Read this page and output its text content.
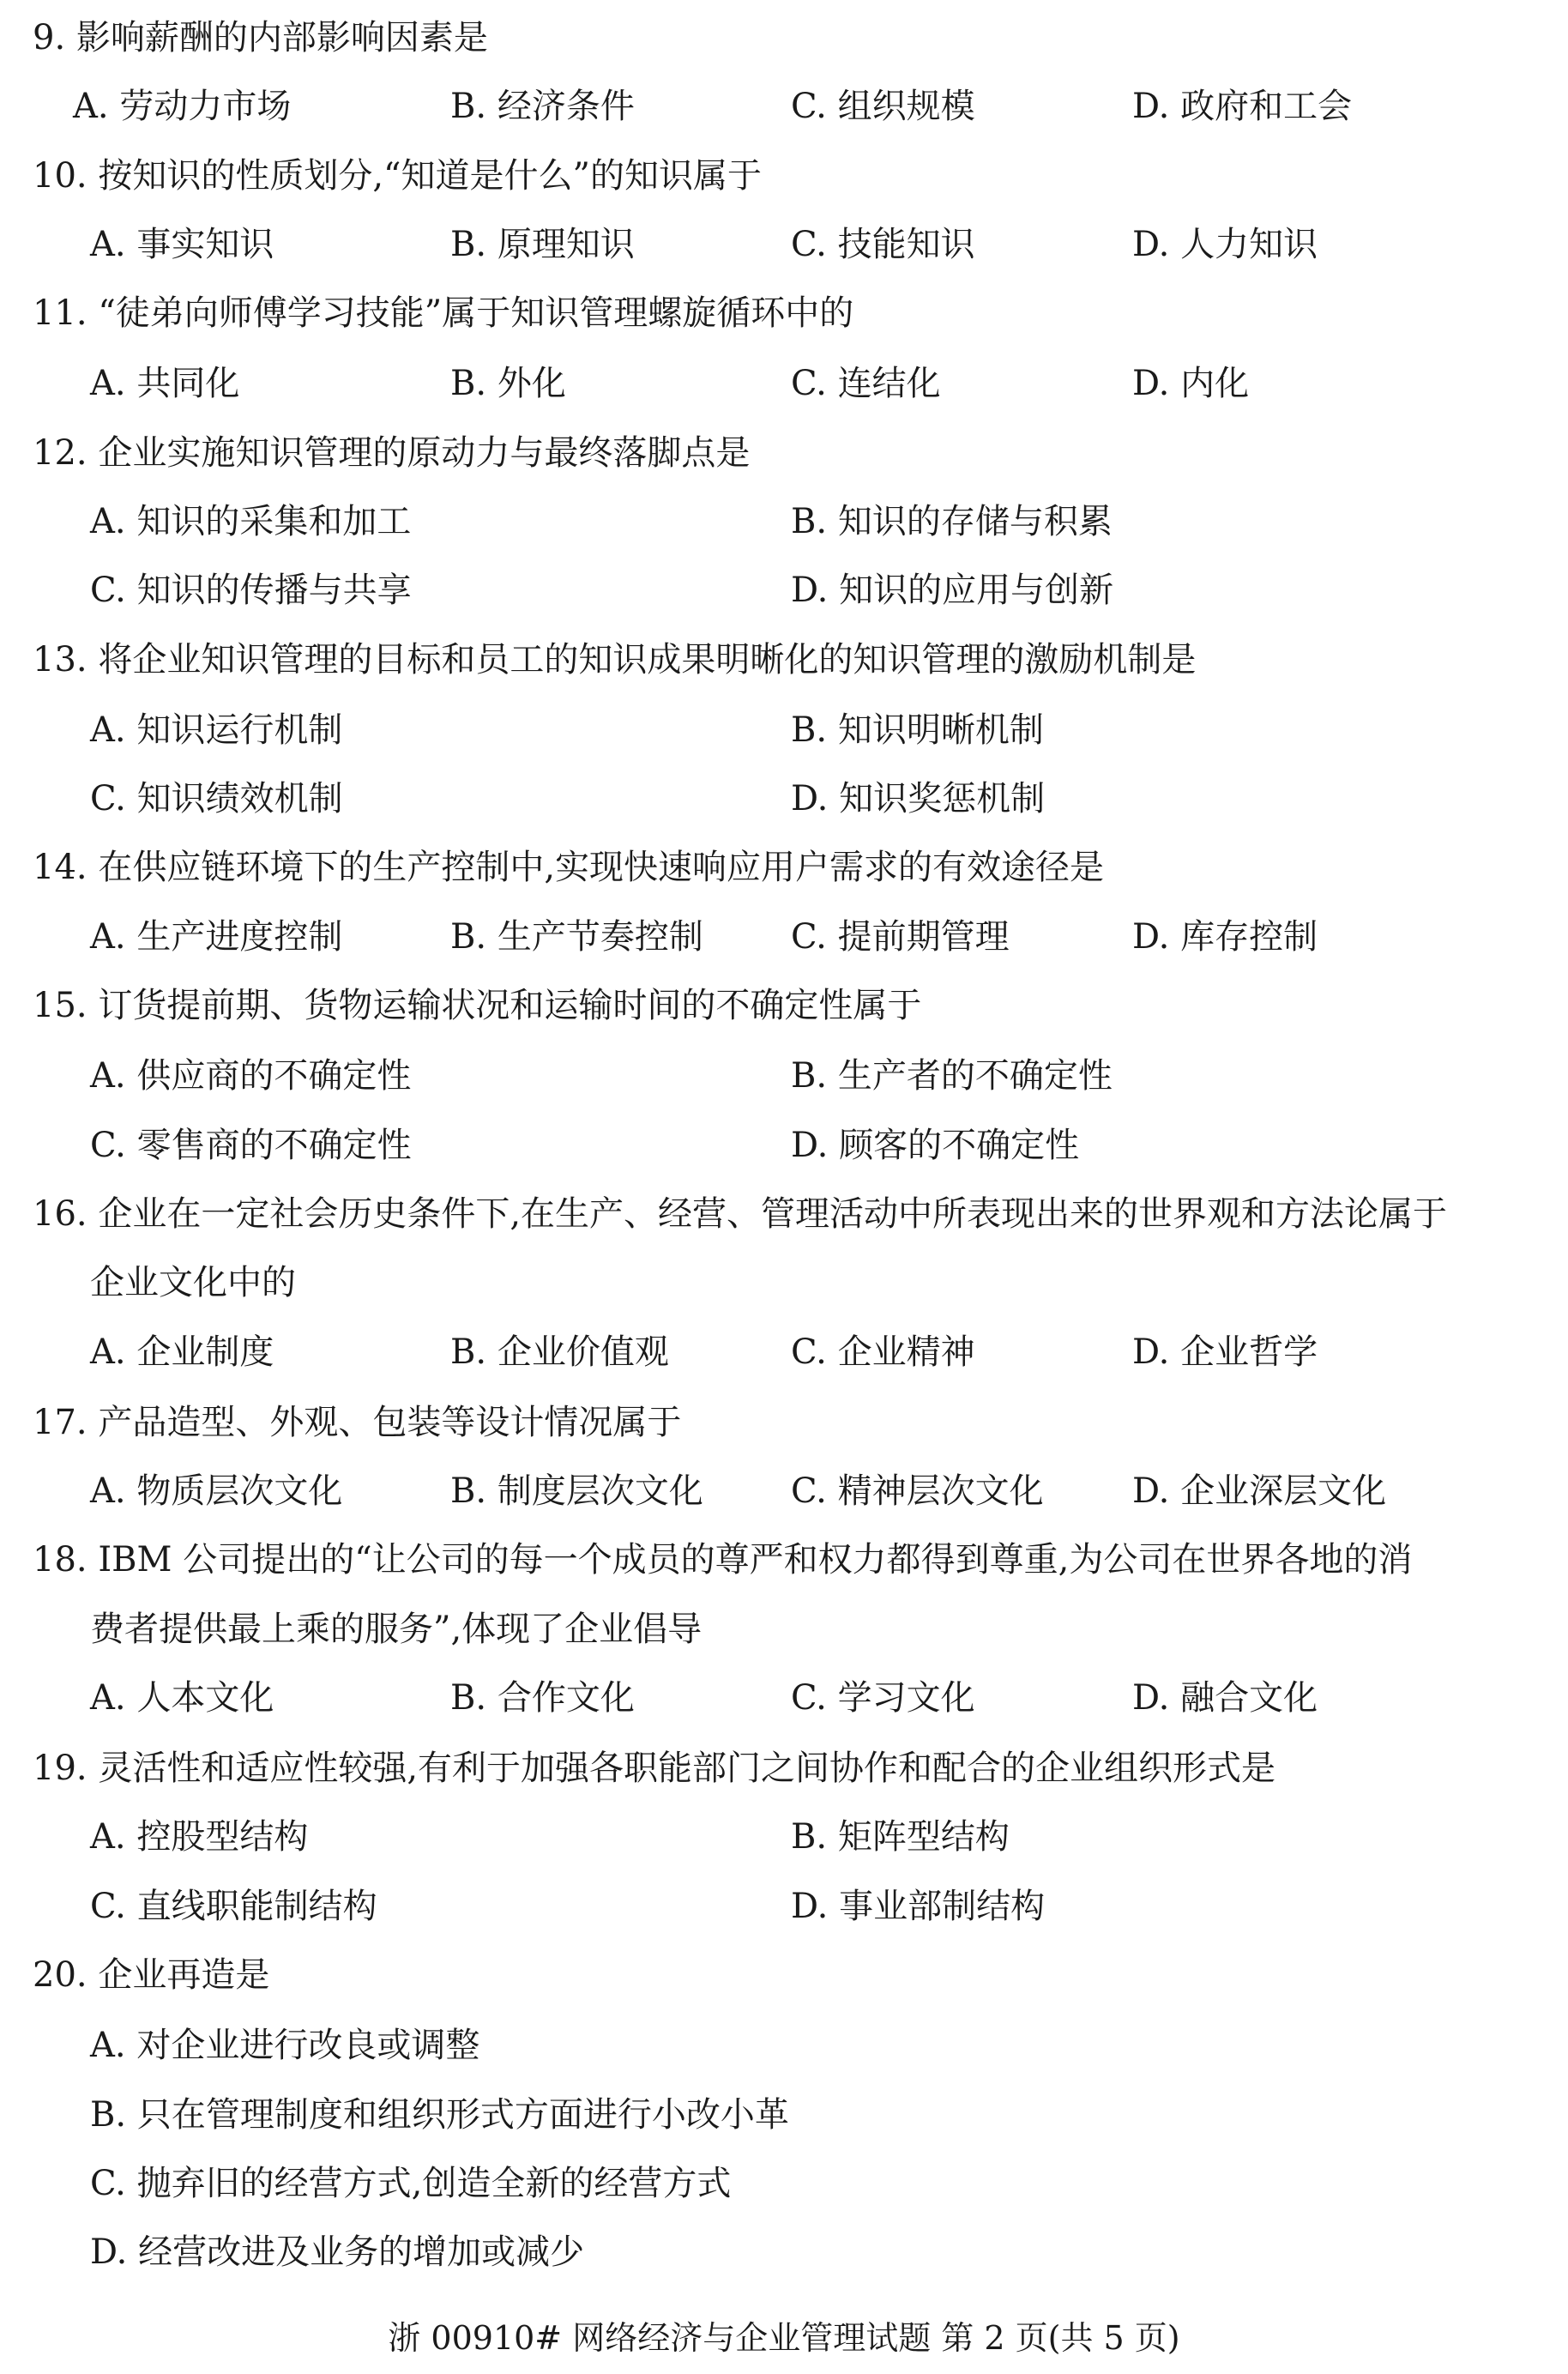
9. 影响薪酬的内部影响因素是
A. 劳动力市场	B. 经济条件	C. 组织规模	D. 政府和工会
10. 按知识的性质划分,“知道是什么”的知识属于
A. 事实知识	B. 原理知识	C. 技能知识	D. 人力知识
11. “徒弟向师傅学习技能”属于知识管理螺旋循环中的
A. 共同化	B. 外化	C. 连结化	D. 内化
12. 企业实施知识管理的原动力与最终落脚点是
A. 知识的采集和加工	B. 知识的存储与积累
C. 知识的传播与共享	D. 知识的应用与创新
13. 将企业知识管理的目标和员工的知识成果明晰化的知识管理的激励机制是
A. 知识运行机制	B. 知识明晰机制
C. 知识绩效机制	D. 知识奖惩机制
14. 在供应链环境下的生产控制中,实现快速响应用户需求的有效途径是
A. 生产进度控制	B. 生产节奏控制	C. 提前期管理	D. 库存控制
15. 订货提前期、货物运输状况和运输时间的不确定性属于
A. 供应商的不确定性	B. 生产者的不确定性
C. 零售商的不确定性	D. 顾客的不确定性
16. 企业在一定社会历史条件下,在生产、经营、管理活动中所表现出来的世界观和方法论属于
企业文化中的
A. 企业制度	B. 企业价值观	C. 企业精神	D. 企业哲学
17. 产品造型、外观、包装等设计情况属于
A. 物质层次文化	B. 制度层次文化	C. 精神层次文化	D. 企业深层文化
18. IBM 公司提出的“让公司的每一个成员的尊严和权力都得到尊重,为公司在世界各地的消
费者提供最上乘的服务”,体现了企业倡导
A. 人本文化	B. 合作文化	C. 学习文化	D. 融合文化
19. 灵活性和适应性较强,有利于加强各职能部门之间协作和配合的企业组织形式是
A. 控股型结构	B. 矩阵型结构
C. 直线职能制结构	D. 事业部制结构
20. 企业再造是
A. 对企业进行改良或调整
B. 只在管理制度和组织形式方面进行小改小革
C. 抛弃旧的经营方式,创造全新的经营方式
D. 经营改进及业务的增加或减少
浙 00910# 网络经济与企业管理试题 第 2 页(共 5 页)
